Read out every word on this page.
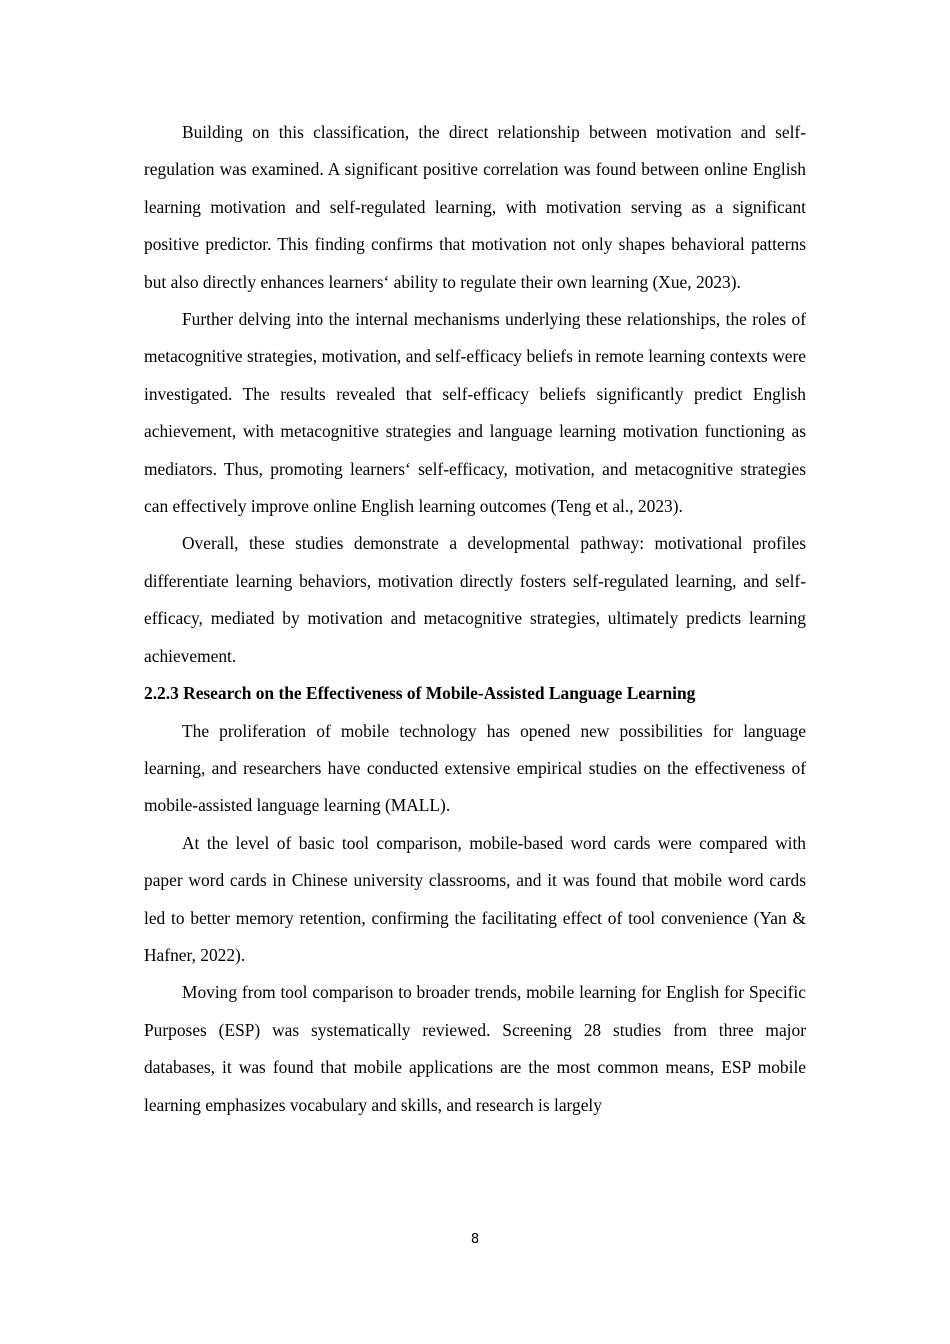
Building on this classification, the direct relationship between motivation and self-regulation was examined. A significant positive correlation was found between online English learning motivation and self-regulated learning, with motivation serving as a significant positive predictor. This finding confirms that motivation not only shapes behavioral patterns but also directly enhances learners‘ ability to regulate their own learning (Xue, 2023).

Further delving into the internal mechanisms underlying these relationships, the roles of metacognitive strategies, motivation, and self-efficacy beliefs in remote learning contexts were investigated. The results revealed that self-efficacy beliefs significantly predict English achievement, with metacognitive strategies and language learning motivation functioning as mediators. Thus, promoting learners‘ self-efficacy, motivation, and metacognitive strategies can effectively improve online English learning outcomes (Teng et al., 2023).

Overall, these studies demonstrate a developmental pathway: motivational profiles differentiate learning behaviors, motivation directly fosters self-regulated learning, and self-efficacy, mediated by motivation and metacognitive strategies, ultimately predicts learning achievement.

2.2.3 Research on the Effectiveness of Mobile-Assisted Language Learning

The proliferation of mobile technology has opened new possibilities for language learning, and researchers have conducted extensive empirical studies on the effectiveness of mobile-assisted language learning (MALL).

At the level of basic tool comparison, mobile-based word cards were compared with paper word cards in Chinese university classrooms, and it was found that mobile word cards led to better memory retention, confirming the facilitating effect of tool convenience (Yan & Hafner, 2022).

Moving from tool comparison to broader trends, mobile learning for English for Specific Purposes (ESP) was systematically reviewed. Screening 28 studies from three major databases, it was found that mobile applications are the most common means, ESP mobile learning emphasizes vocabulary and skills, and research is largely

8
